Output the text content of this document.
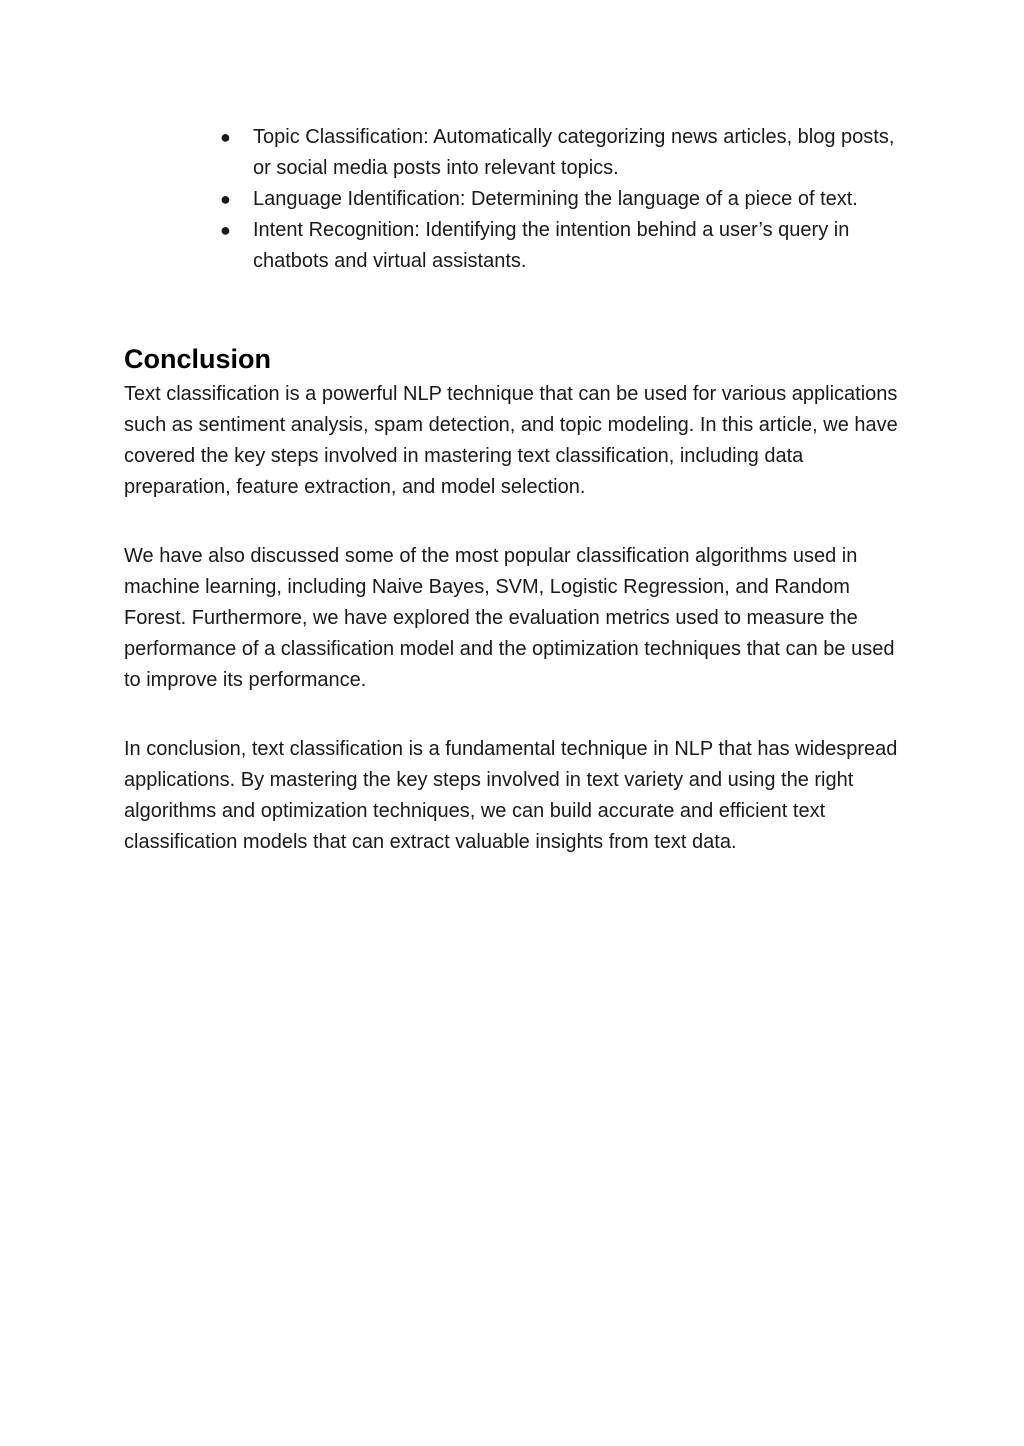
● Topic Classification: Automatically categorizing news articles, blog posts, or social media posts into relevant topics.
● Language Identification: Determining the language of a piece of text.
● Intent Recognition: Identifying the intention behind a user’s query in chatbots and virtual assistants.
Conclusion

Text classification is a powerful NLP technique that can be used for various applications such as sentiment analysis, spam detection, and topic modeling. In this article, we have covered the key steps involved in mastering text classification, including data preparation, feature extraction, and model selection.

We have also discussed some of the most popular classification algorithms used in machine learning, including Naive Bayes, SVM, Logistic Regression, and Random Forest. Furthermore, we have explored the evaluation metrics used to measure the performance of a classification model and the optimization techniques that can be used to improve its performance.

In conclusion, text classification is a fundamental technique in NLP that has widespread applications. By mastering the key steps involved in text variety and using the right algorithms and optimization techniques, we can build accurate and efficient text classification models that can extract valuable insights from text data.
